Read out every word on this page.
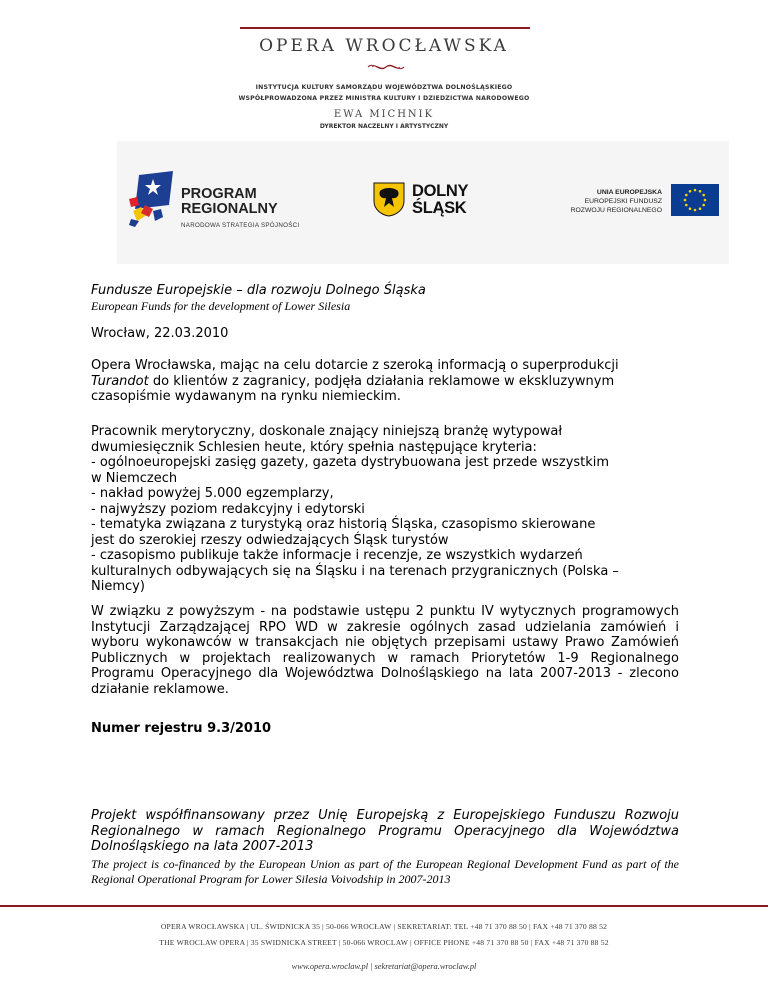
OPERA WROCŁAWSKA
INSTYTUCJA KULTURY SAMORZĄDU WOJEWÓDZTWA DOLNOŚLĄSKIEGO
WSPÓŁPROWADZONA PRZEZ MINISTRA KULTURY I DZIEDZICTWA NARODOWEGO
EWA MICHNIK
DYREKTOR NACZELNY I ARTYSTYCZNY
PROGRAM
REGIONALNY
NARODOWA STRATEGIA SPÓJNOŚCI
DOLNY
ŚLĄSK
UNIA EUROPEJSKA
EUROPEJSKI FUNDUSZ
ROZWOJU REGIONALNEGO
Fundusze Europejskie – dla rozwoju Dolnego Śląska
European Funds for the development of Lower Silesia
Wrocław, 22.03.2010
Opera Wrocławska, mając na celu dotarcie z szeroką informacją o superprodukcji
Turandot do klientów z zagranicy, podjęła działania reklamowe w ekskluzywnym
czasopiśmie wydawanym na rynku niemieckim.
Pracownik merytoryczny, doskonale znający niniejszą branżę wytypował
dwumiesięcznik Schlesien heute, który spełnia następujące kryteria:
- ogólnoeuropejski zasięg gazety, gazeta dystrybuowana jest przede wszystkim
w Niemczech
- nakład powyżej 5.000 egzemplarzy,
- najwyższy poziom redakcyjny i edytorski
- tematyka związana z turystyką oraz historią Śląska, czasopismo skierowane
jest do szerokiej rzeszy odwiedzających Śląsk turystów
- czasopismo publikuje także informacje i recenzje, ze wszystkich wydarzeń
kulturalnych odbywających się na Śląsku i na terenach przygranicznych (Polska –
Niemcy)
W związku z powyższym - na podstawie ustępu 2 punktu IV wytycznych programowych Instytucji Zarządzającej RPO WD w zakresie ogólnych zasad udzielania zamówień i wyboru wykonawców w transakcjach nie objętych przepisami ustawy Prawo Zamówień Publicznych w projektach realizowanych w ramach Priorytetów 1-9 Regionalnego Programu Operacyjnego dla Województwa Dolnośląskiego na lata 2007-2013 - zlecono działanie reklamowe.
Numer rejestru 9.3/2010
Projekt współfinansowany przez Unię Europejską z Europejskiego Funduszu Rozwoju Regionalnego w ramach Regionalnego Programu Operacyjnego dla Województwa Dolnośląskiego na lata 2007-2013
The project is co-financed by the European Union as part of the European Regional Development Fund as part of the Regional Operational Program for Lower Silesia Voivodship in 2007-2013
OPERA WROCŁAWSKA | UL. ŚWIDNICKA 35 | 50-066 WROCŁAW | SEKRETARIAT: TEL +48 71 370 88 50 | FAX +48 71 370 88 52
THE WROCLAW OPERA | 35 SWIDNICKA STREET | 50-066 WROCLAW | OFFICE PHONE +48 71 370 88 50 | FAX +48 71 370 88 52
www.opera.wroclaw.pl | sekretariat@opera.wroclaw.pl
